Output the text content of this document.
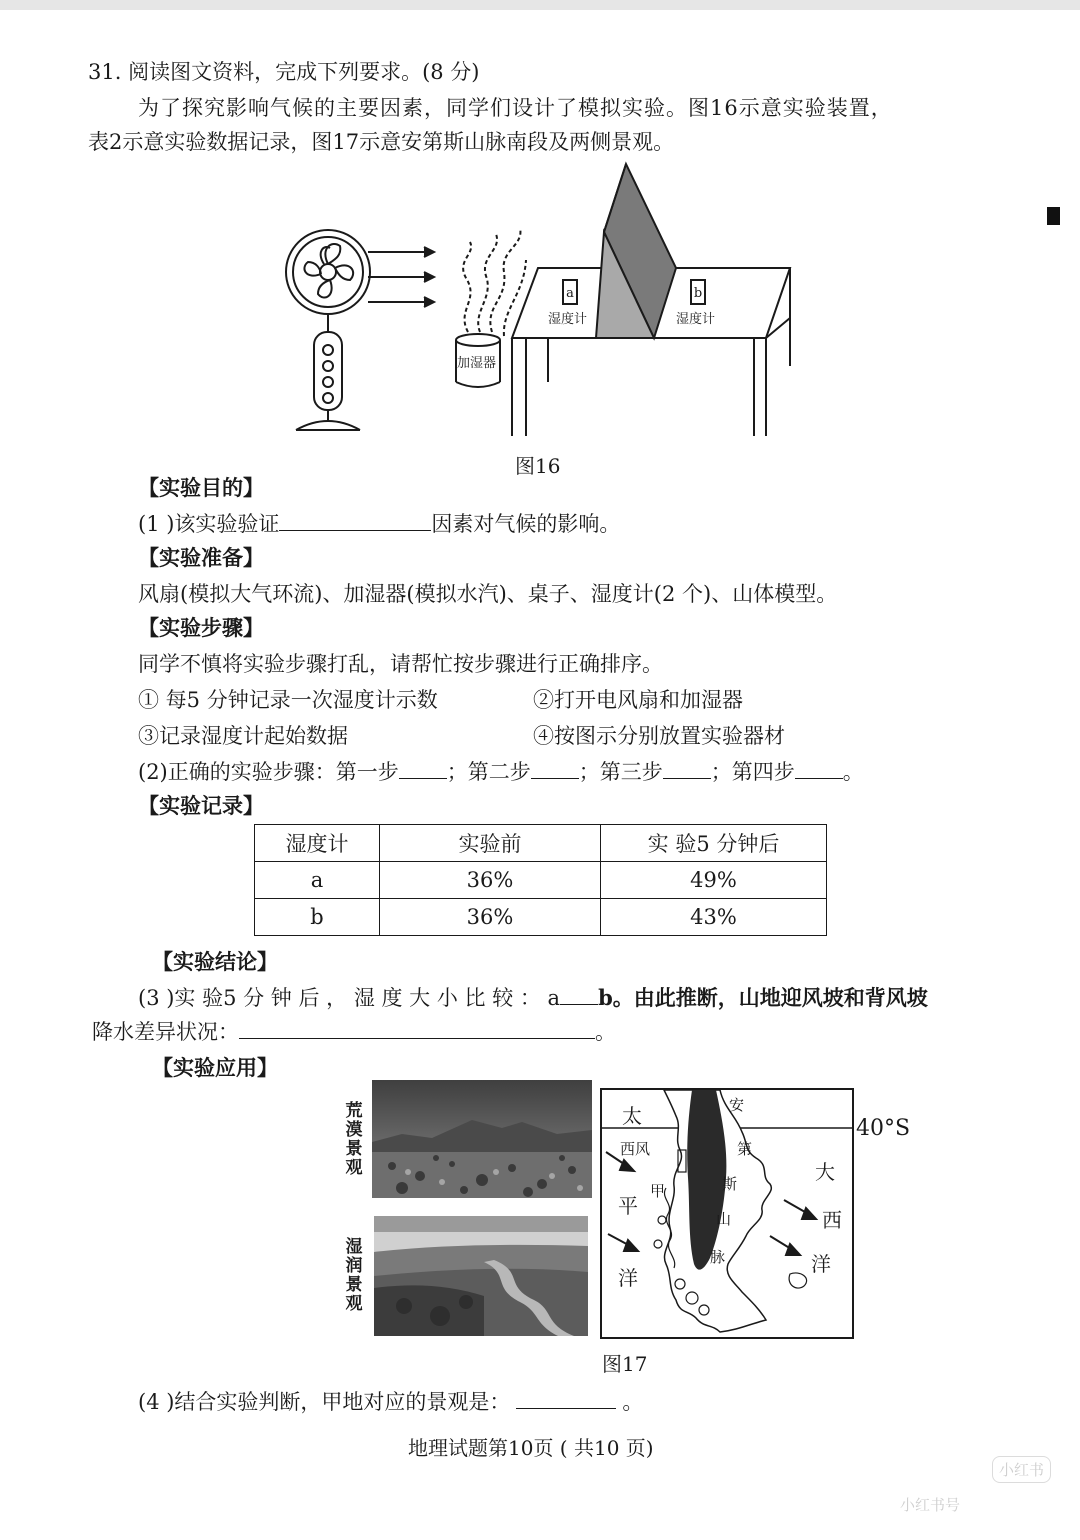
31. 阅读图文资料，完成下列要求。(8 分)
为了探究影响气候的主要因素，同学们设计了模拟实验。图16示意实验装置，
表2示意实验数据记录，图17示意安第斯山脉南段及两侧景观。
a	b
湿度计	湿度计
加湿器
图16
【实验目的】
(1 )该实验验证	因素对气候的影响。
【实验准备】
风扇(模拟大气环流)、加湿器(模拟水汽)、桌子、湿度计(2 个)、山体模型。
【实验步骤】
同学不慎将实验步骤打乱，请帮忙按步骤进行正确排序。
① 每5 分钟记录一次湿度计示数	②打开电风扇和加湿器
③记录湿度计起始数据	④按图示分别放置实验器材
(2)正确的实验步骤：第一步 ；第二步 ；第三步 ；第四步 。
【实验记录】
湿度计	实验前	实 验5 分钟后
a	36%	49%
b	36%	43%
【实验结论】
(3 )实 验5 分 钟 后 ， 湿 度 大 小 比 较 ： a b。由此推断，山地迎风坡和背风坡
降水差异状况：	。
【实验应用】
荒漠景观
湿润景观
太
平
洋
西风
甲
安
第
斯
山
脉
大
西
洋
40°S
图17
(4 )结合实验判断，甲地对应的景观是：	。
地理试题第10页 ( 共10 页)
小红书
小红书号
